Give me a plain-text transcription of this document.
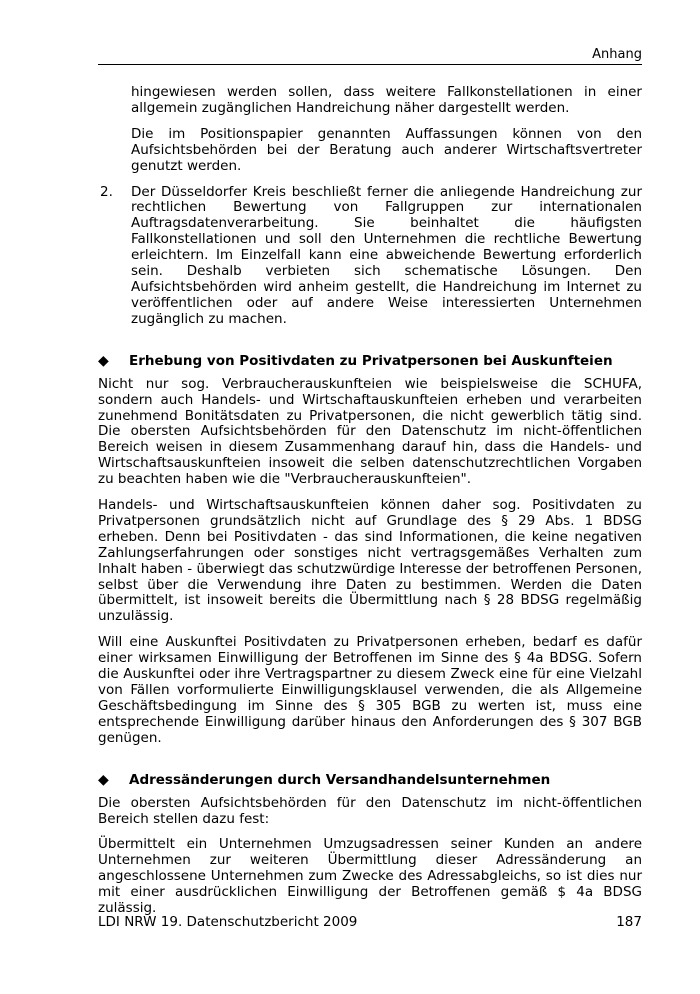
Anhang

hingewiesen werden sollen, dass weitere Fallkonstellationen in einer allgemein zugänglichen Handreichung näher dargestellt werden.

Die im Positionspapier genannten Auffassungen können von den Aufsichtsbehörden bei der Beratung auch anderer Wirtschaftsvertreter genutzt werden.

2.	Der Düsseldorfer Kreis beschließt ferner die anliegende Handreichung zur rechtlichen Bewertung von Fallgruppen zur internationalen Auftragsdatenverarbeitung. Sie beinhaltet die häufigsten Fallkonstellationen und soll den Unternehmen die rechtliche Bewertung erleichtern. Im Einzelfall kann eine abweichende Bewertung erforderlich sein. Deshalb verbieten sich schematische Lösungen. Den Aufsichtsbehörden wird anheim gestellt, die Handreichung im Internet zu veröffentlichen oder auf andere Weise interessierten Unternehmen zugänglich zu machen.

◆	Erhebung von Positivdaten zu Privatpersonen bei Auskunfteien

Nicht nur sog. Verbraucherauskunfteien wie beispielsweise die SCHUFA, sondern auch Handels- und Wirtschaftauskunfteien erheben und verarbeiten zunehmend Bonitätsdaten zu Privatpersonen, die nicht gewerblich tätig sind. Die obersten Aufsichtsbehörden für den Datenschutz im nicht-öffentlichen Bereich weisen in diesem Zusammenhang darauf hin, dass die Handels- und Wirtschaftsauskunfteien insoweit die selben datenschutzrechtlichen Vorgaben zu beachten haben wie die "Verbraucherauskunfteien".

Handels- und Wirtschaftsauskunfteien können daher sog. Positivdaten zu Privatpersonen grundsätzlich nicht auf Grundlage des § 29 Abs. 1 BDSG erheben. Denn bei Positivdaten - das sind Informationen, die keine negativen Zahlungserfahrungen oder sonstiges nicht vertragsgemäßes Verhalten zum Inhalt haben - überwiegt das schutzwürdige Interesse der betroffenen Personen, selbst über die Verwendung ihre Daten zu bestimmen. Werden die Daten übermittelt, ist insoweit bereits die Übermittlung nach § 28 BDSG regelmäßig unzulässig.

Will eine Auskunftei Positivdaten zu Privatpersonen erheben, bedarf es dafür einer wirksamen Einwilligung der Betroffenen im Sinne des § 4a BDSG. Sofern die Auskunftei oder ihre Vertragspartner zu diesem Zweck eine für eine Vielzahl von Fällen vorformulierte Einwilligungsklausel verwenden, die als Allgemeine Geschäftsbedingung im Sinne des § 305 BGB zu werten ist, muss eine entsprechende Einwilligung darüber hinaus den Anforderungen des § 307 BGB genügen.

◆	Adressänderungen durch Versandhandelsunternehmen

Die obersten Aufsichtsbehörden für den Datenschutz im nicht-öffentlichen Bereich stellen dazu fest:

Übermittelt ein Unternehmen Umzugsadressen seiner Kunden an andere Unternehmen zur weiteren Übermittlung dieser Adressänderung an angeschlossene Unternehmen zum Zwecke des Adressabgleichs, so ist dies nur mit einer ausdrücklichen Einwilligung der Betroffenen gemäß $ 4a BDSG zulässig.

LDI NRW 19. Datenschutzbericht 2009	187
